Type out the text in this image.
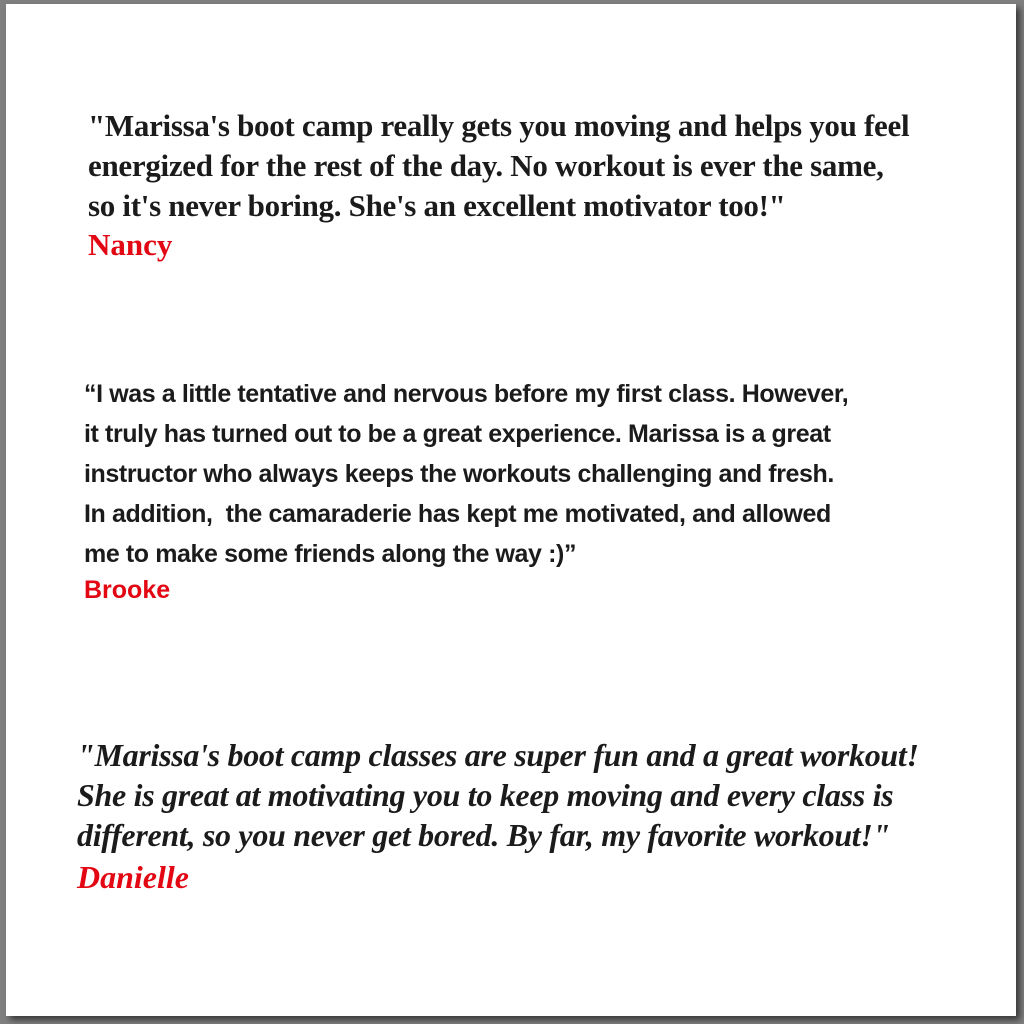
"Marissa's boot camp really gets you moving and helps you feel
energized for the rest of the day. No workout is ever the same,
so it's never boring. She's an excellent motivator too!"
Nancy
“I was a little tentative and nervous before my first class. However,
it truly has turned out to be a great experience. Marissa is a great
instructor who always keeps the workouts challenging and fresh.
In addition,  the camaraderie has kept me motivated, and allowed
me to make some friends along the way :)”
Brooke
"Marissa's boot camp classes are super fun and a great workout!
She is great at motivating you to keep moving and every class is
different, so you never get bored. By far, my favorite workout!"
Danielle
